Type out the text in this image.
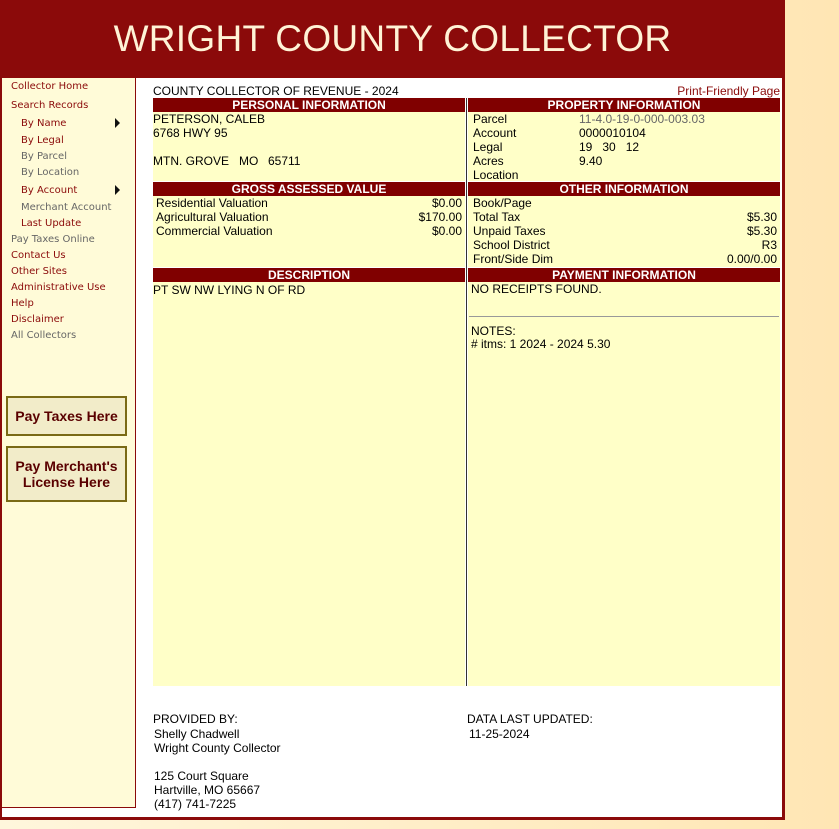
WRIGHT COUNTY COLLECTOR
Collector Home
Search Records
By Name
By Legal
By Parcel
By Location
By Account
Merchant Account
Last Update
Pay Taxes Online
Contact Us
Other Sites
Administrative Use
Help
Disclaimer
All Collectors
Pay Taxes Here
Pay Merchant's
License Here
COUNTY COLLECTOR OF REVENUE - 2024	Print-Friendly Page
PERSONAL INFORMATION
PETERSON, CALEB
6768 HWY 95
MTN. GROVE MO 65711
PROPERTY INFORMATION
Parcel	11-4.0-19-0-000-003.03
Account	0000010104
Legal	19   30   12
Acres	9.40
Location
GROSS ASSESSED VALUE
Residential Valuation	$0.00
Agricultural Valuation	$170.00
Commercial Valuation	$0.00
OTHER INFORMATION
Book/Page
Total Tax	$5.30
Unpaid Taxes	$5.30
School District	R3
Front/Side Dim	0.00/0.00
DESCRIPTION
PT SW NW LYING N OF RD
PAYMENT INFORMATION
NO RECEIPTS FOUND.
NOTES:
# itms: 1 2024 - 2024 5.30
PROVIDED BY:
Shelly Chadwell
Wright County Collector
125 Court Square
Hartville, MO 65667
(417) 741-7225
DATA LAST UPDATED:
11-25-2024
